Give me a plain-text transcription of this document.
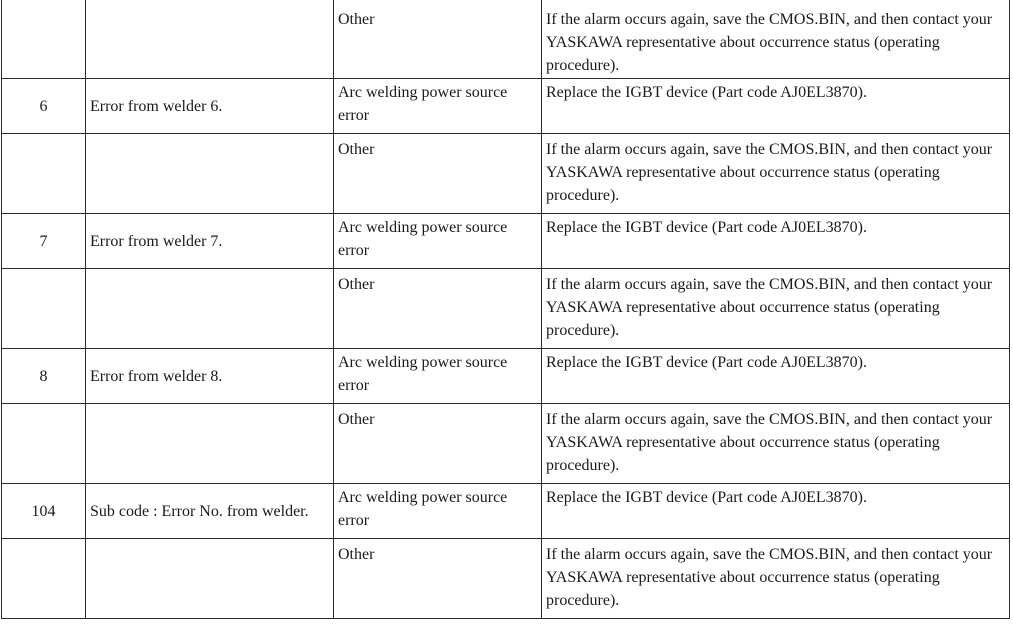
		Other	If the alarm occurs again, save the CMOS.BIN, and then contact your YASKAWA representative about occurrence status (operating procedure).
6	Error from welder 6.	Arc welding power source error	Replace the IGBT device (Part code AJ0EL3870).
		Other	If the alarm occurs again, save the CMOS.BIN, and then contact your YASKAWA representative about occurrence status (operating procedure).
7	Error from welder 7.	Arc welding power source error	Replace the IGBT device (Part code AJ0EL3870).
		Other	If the alarm occurs again, save the CMOS.BIN, and then contact your YASKAWA representative about occurrence status (operating procedure).
8	Error from welder 8.	Arc welding power source error	Replace the IGBT device (Part code AJ0EL3870).
		Other	If the alarm occurs again, save the CMOS.BIN, and then contact your YASKAWA representative about occurrence status (operating procedure).
104	Sub code : Error No. from welder.	Arc welding power source error	Replace the IGBT device (Part code AJ0EL3870).
		Other	If the alarm occurs again, save the CMOS.BIN, and then contact your YASKAWA representative about occurrence status (operating procedure).
